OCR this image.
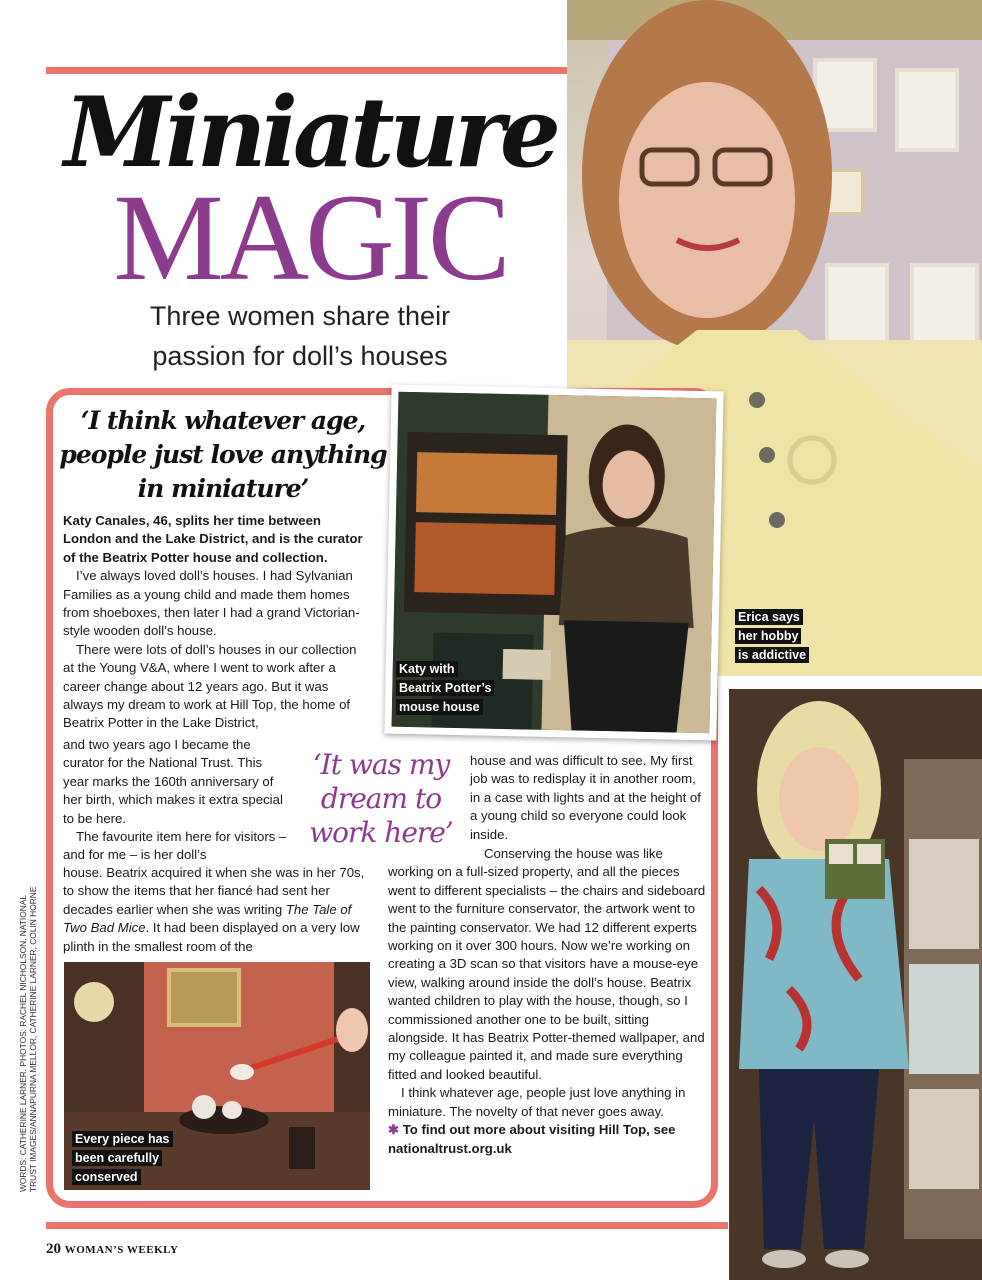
Miniature
MAGIC
Three women share their passion for doll’s houses
Erica says
her hobby
is addictive
‘I think whatever age, people just love anything in miniature’
Katy with
Beatrix Potter’s
mouse house

Katy Canales, 46, splits her time between London and the Lake District, and is the curator of the Beatrix Potter house and collection.

I’ve always loved doll’s houses. I had Sylvanian Families as a young child and made them homes from shoeboxes, then later I had a grand Victorian-style wooden doll’s house.

There were lots of doll’s houses in our collection at the Young V&A, where I went to work after a career change about 12 years ago. But it was always my dream to work at Hill Top, the home of Beatrix Potter in the Lake District,

and two years ago I became the curator for the National Trust. This year marks the 160th anniversary of her birth, which makes it extra special to be here.

The favourite item here for visitors – and for me – is her doll’s

‘It was my dream to work here’

house. Beatrix acquired it when she was in her 70s, to show the items that her fiancé had sent her decades earlier when she was writing The Tale of Two Bad Mice. It had been displayed on a very low plinth in the smallest room of the

Every piece has
been carefully
conserved

house and was difficult to see. My first job was to redisplay it in another room, in a case with lights and at the height of a young child so everyone could look inside.

Conserving the house was like working on a full-sized property, and all the pieces went to different specialists – the chairs and sideboard went to the furniture conservator, the artwork went to the painting conservator. We had 12 different experts working on it over 300 hours. Now we’re working on creating a 3D scan so that visitors have a mouse-eye view, walking around inside the doll’s house. Beatrix wanted children to play with the house, though, so I commissioned another one to be built, sitting alongside. It has Beatrix Potter-themed wallpaper, and my colleague painted it, and made sure everything fitted and looked beautiful.

I think whatever age, people just love anything in miniature. The novelty of that never goes away.

✱ To find out more about visiting Hill Top, see nationaltrust.org.uk

WORDS: CATHERINE LARNER. PHOTOS: RACHEL NICHOLSON, NATIONAL TRUST IMAGES/ANNAPURNA MELLOR, CATHERINE LARNER, COLIN HORNE
20 WOMAN’S WEEKLY
